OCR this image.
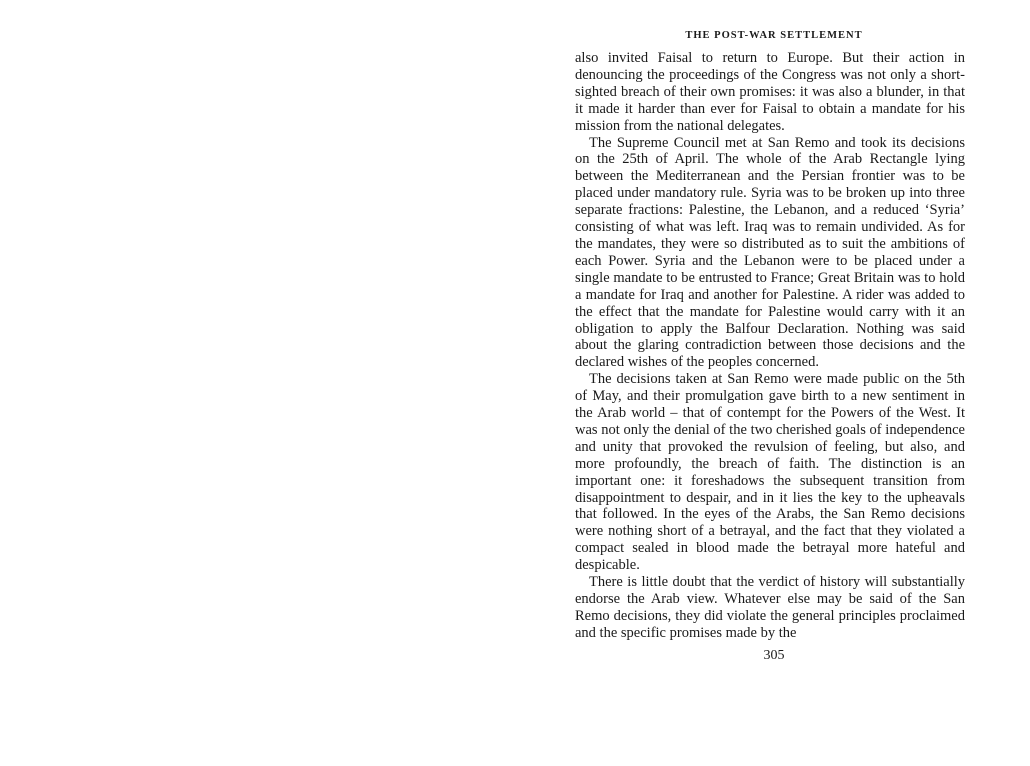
THE POST-WAR SETTLEMENT

also invited Faisal to return to Europe. But their action in denouncing the proceedings of the Congress was not only a short-sighted breach of their own promises: it was also a blunder, in that it made it harder than ever for Faisal to obtain a mandate for his mission from the national delegates.

The Supreme Council met at San Remo and took its decisions on the 25th of April. The whole of the Arab Rectangle lying between the Mediterranean and the Persian frontier was to be placed under mandatory rule. Syria was to be broken up into three separate fractions: Palestine, the Lebanon, and a reduced ‘Syria’ consisting of what was left. Iraq was to remain undivided. As for the mandates, they were so distributed as to suit the ambitions of each Power. Syria and the Lebanon were to be placed under a single mandate to be entrusted to France; Great Britain was to hold a mandate for Iraq and another for Palestine. A rider was added to the effect that the mandate for Palestine would carry with it an obligation to apply the Balfour Declaration. Nothing was said about the glaring contradiction between those decisions and the declared wishes of the peoples concerned.

The decisions taken at San Remo were made public on the 5th of May, and their promulgation gave birth to a new sentiment in the Arab world – that of contempt for the Powers of the West. It was not only the denial of the two cherished goals of independence and unity that provoked the revulsion of feeling, but also, and more profoundly, the breach of faith. The distinction is an important one: it foreshadows the subsequent transition from disappointment to despair, and in it lies the key to the upheavals that followed. In the eyes of the Arabs, the San Remo decisions were nothing short of a betrayal, and the fact that they violated a compact sealed in blood made the betrayal more hateful and despicable.

There is little doubt that the verdict of history will substantially endorse the Arab view. Whatever else may be said of the San Remo decisions, they did violate the general principles proclaimed and the specific promises made by the

305
